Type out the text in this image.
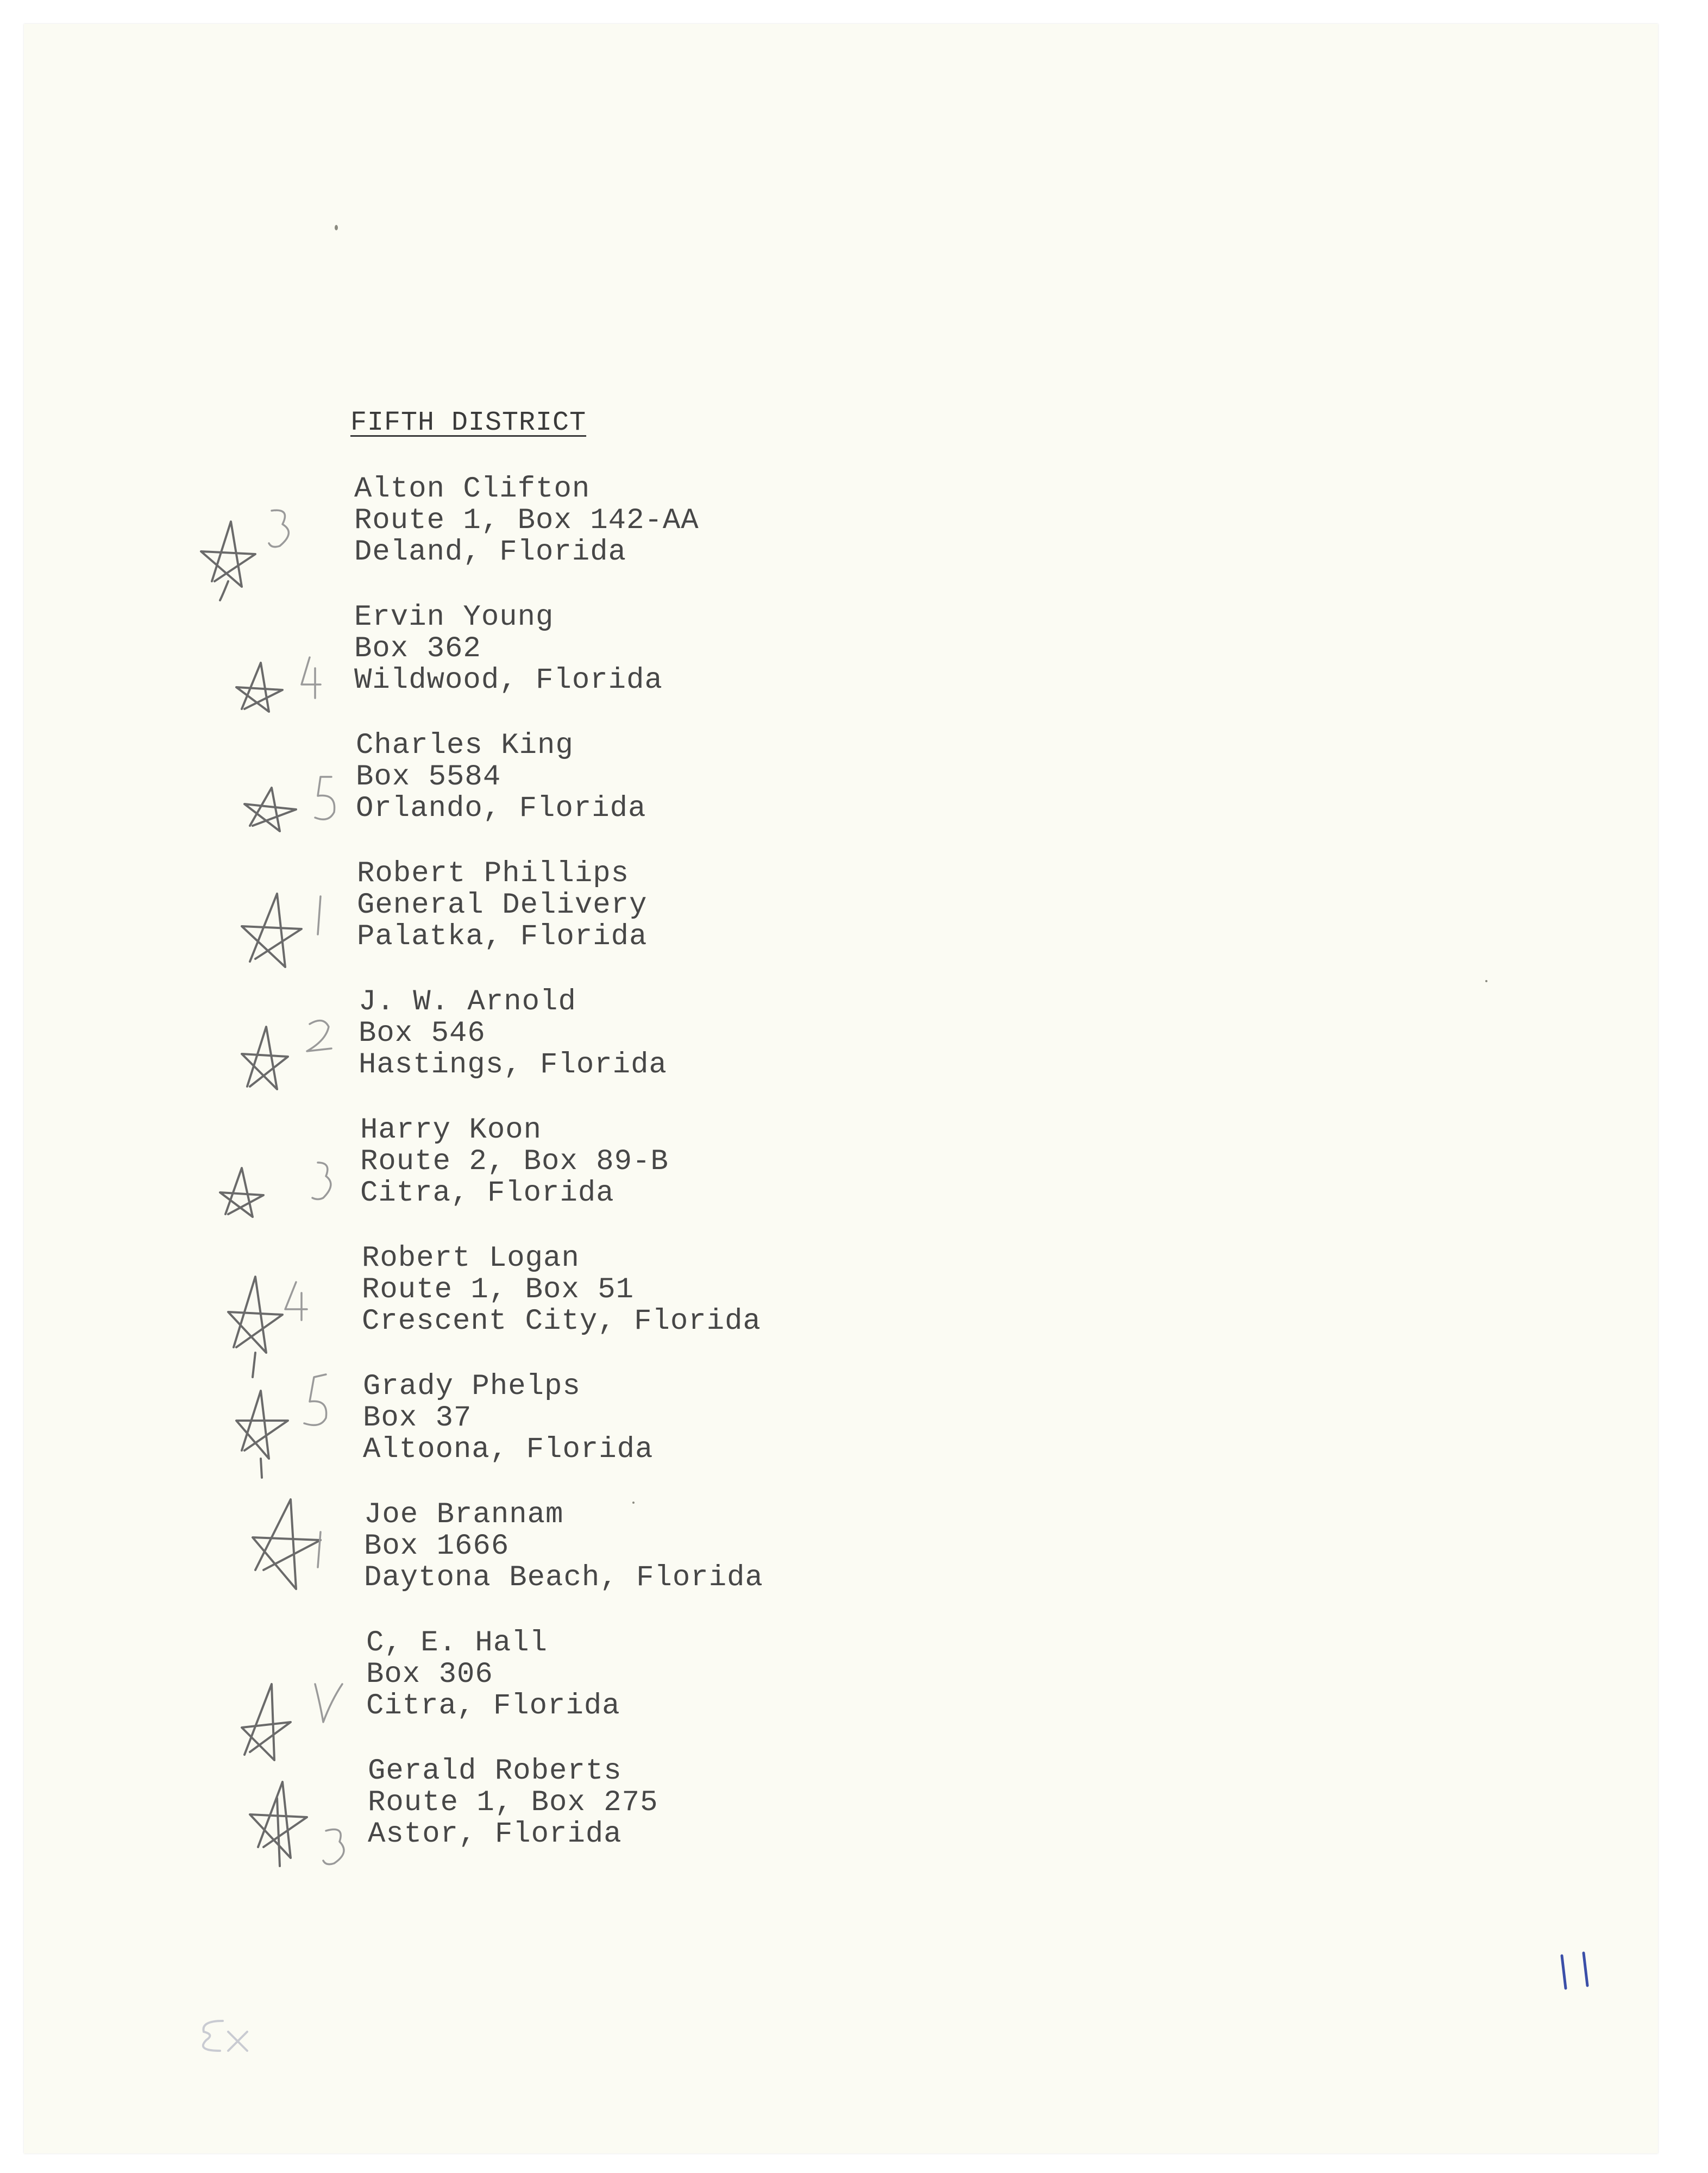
FIFTH DISTRICT
Alton Clifton
Route 1, Box 142-AA
Deland, Florida
Ervin Young
Box 362
Wildwood, Florida
Charles King
Box 5584
Orlando, Florida
Robert Phillips
General Delivery
Palatka, Florida
J. W. Arnold
Box 546
Hastings, Florida
Harry Koon
Route 2, Box 89-B
Citra, Florida
Robert Logan
Route 1, Box 51
Crescent City, Florida
Grady Phelps
Box 37
Altoona, Florida
Joe Brannam
Box 1666
Daytona Beach, Florida
C, E. Hall
Box 306
Citra, Florida
Gerald Roberts
Route 1, Box 275
Astor, Florida
